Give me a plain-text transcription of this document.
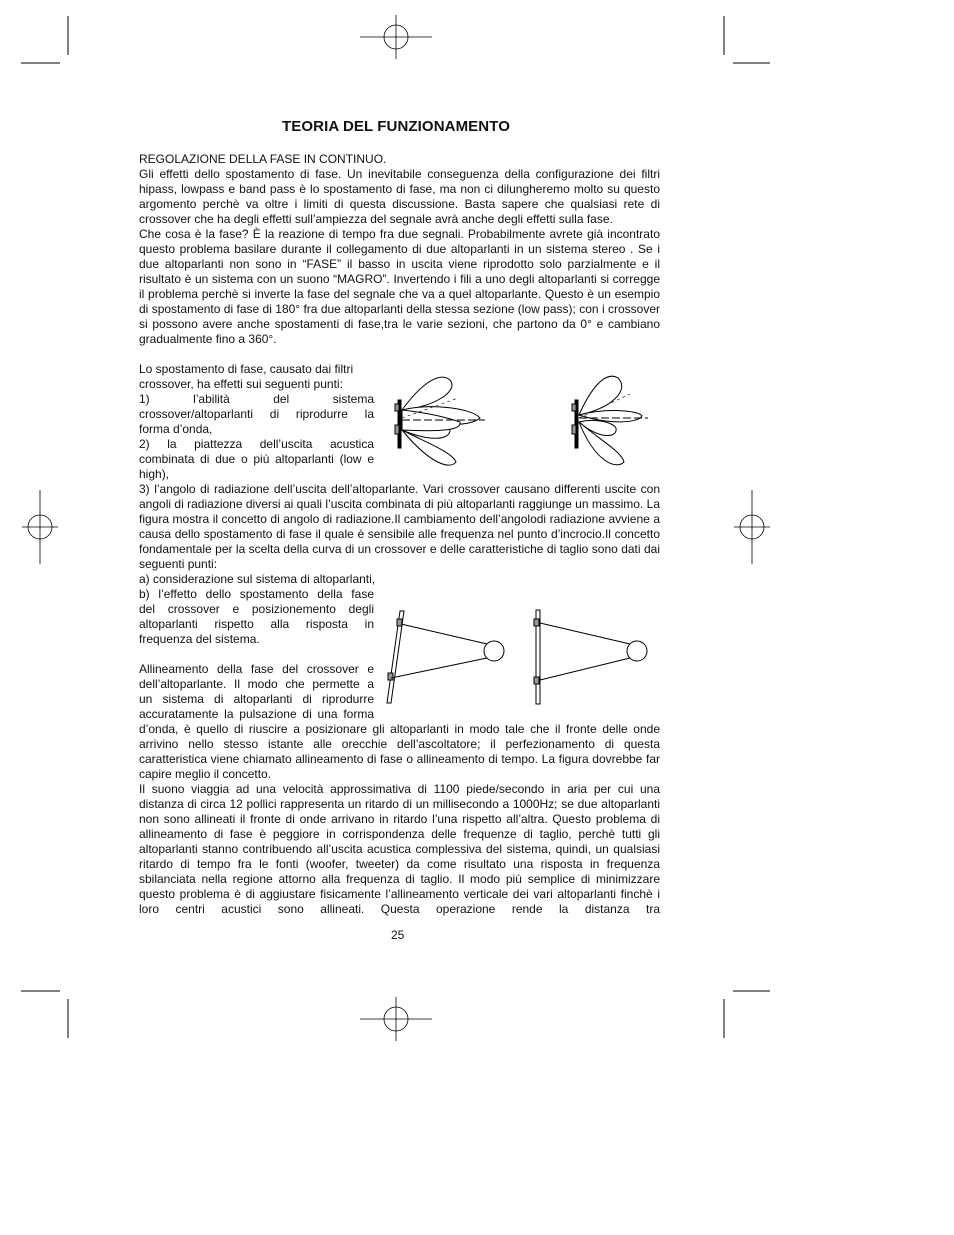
TEORIA DEL FUNZIONAMENTO
REGOLAZIONE DELLA FASE IN CONTINUO.
Gli effetti dello spostamento di fase. Un inevitabile conseguenza della configurazione dei filtri hipass, lowpass e band pass è lo spostamento di fase, ma non ci dilungheremo molto su questo argomento perchè va oltre i limiti di questa discussione. Basta sapere che qualsiasi rete di crossover che ha degli effetti sull’ampiezza del segnale avrà anche degli effetti sulla fase.
Che cosa è la fase? È la reazione di tempo fra due segnali. Probabilmente avrete già incontrato questo problema basilare durante il collegamento di due altoparlanti in un sistema stereo . Se i due altoparlanti non sono in “FASE” il basso in uscita viene riprodotto solo parzialmente e il risultato è un sistema con un suono “MAGRO”. Invertendo i fili a uno degli altoparlanti si corregge il problema perchè si inverte la fase del segnale che va a quel altoparlante. Questo è un esempio di spostamento di fase di 180° fra due altoparlanti della stessa sezione (low pass); con i crossover si possono avere anche spostamenti di fase,tra le varie sezioni, che partono da 0° e cambiano gradualmente fino a 360°.
Lo spostamento di fase, causato dai filtri
crossover, ha effetti sui seguenti punti:
1) l’abilità del sistema
crossover/altoparlanti di riprodurre la
forma d’onda,
2) la piattezza dell’uscita acustica
combinata di due o più altoparlanti (low e
high),
3) l’angolo di radiazione dell’uscita dell’altoparlante. Vari crossover causano differenti uscite con angoli di radiazione diversi ai quali l’uscita combinata di più altoparlanti raggiunge un massimo. La figura mostra il concetto di angolo di radiazione.Il cambiamento dell’angolodi radiazione avviene a causa dello spostamento di fase il quale è sensibile alle frequenza nel punto d’incrocio.Il concetto fondamentale per la scelta della curva di un crossover e delle caratteristiche di taglio sono dati dai seguenti punti:
a) considerazione sul sistema di altoparlanti,
b) l’effetto dello spostamento della fase
del crossover e posizionemento degli
altoparlanti rispetto alla risposta in
frequenza del sistema.
Allineamento della fase del crossover e
dell’altoparlante. Il modo che permette a
un sistema di altoparlanti di riprodurre
accuratamente la pulsazione di una forma
d’onda, è quello di riuscire a posizionare gli altoparlanti in modo tale che il fronte delle onde arrivino nello stesso istante alle orecchie dell’ascoltatore; il perfezionamento di questa caratteristica viene chiamato allineamento di fase o allineamento di tempo. La figura dovrebbe far capire meglio il concetto.
Il suono viaggia ad una velocità approssimativa di 1100 piede/secondo in aria per cui una distanza di circa 12 pollici rappresenta un ritardo di un millisecondo a 1000Hz; se due altoparlanti non sono allineati il fronte di onde arrivano in ritardo l’una rispetto all’altra. Questo problema di allineamento di fase è peggiore in corrispondenza delle frequenze di taglio, perchè tutti gli altoparlanti stanno contribuendo all’uscita acustica complessiva del sistema, quindi, un qualsiasi ritardo di tempo fra le fonti (woofer, tweeter) da come risultato una risposta in frequenza sbilanciata nella regione attorno alla frequenza di taglio. Il modo più semplice di minimizzare questo problema è di aggiustare fisicamente l’allineamento verticale dei vari altoparlanti finchè i loro centri acustici sono allineati. Questa operazione rende la distanza tra
25
